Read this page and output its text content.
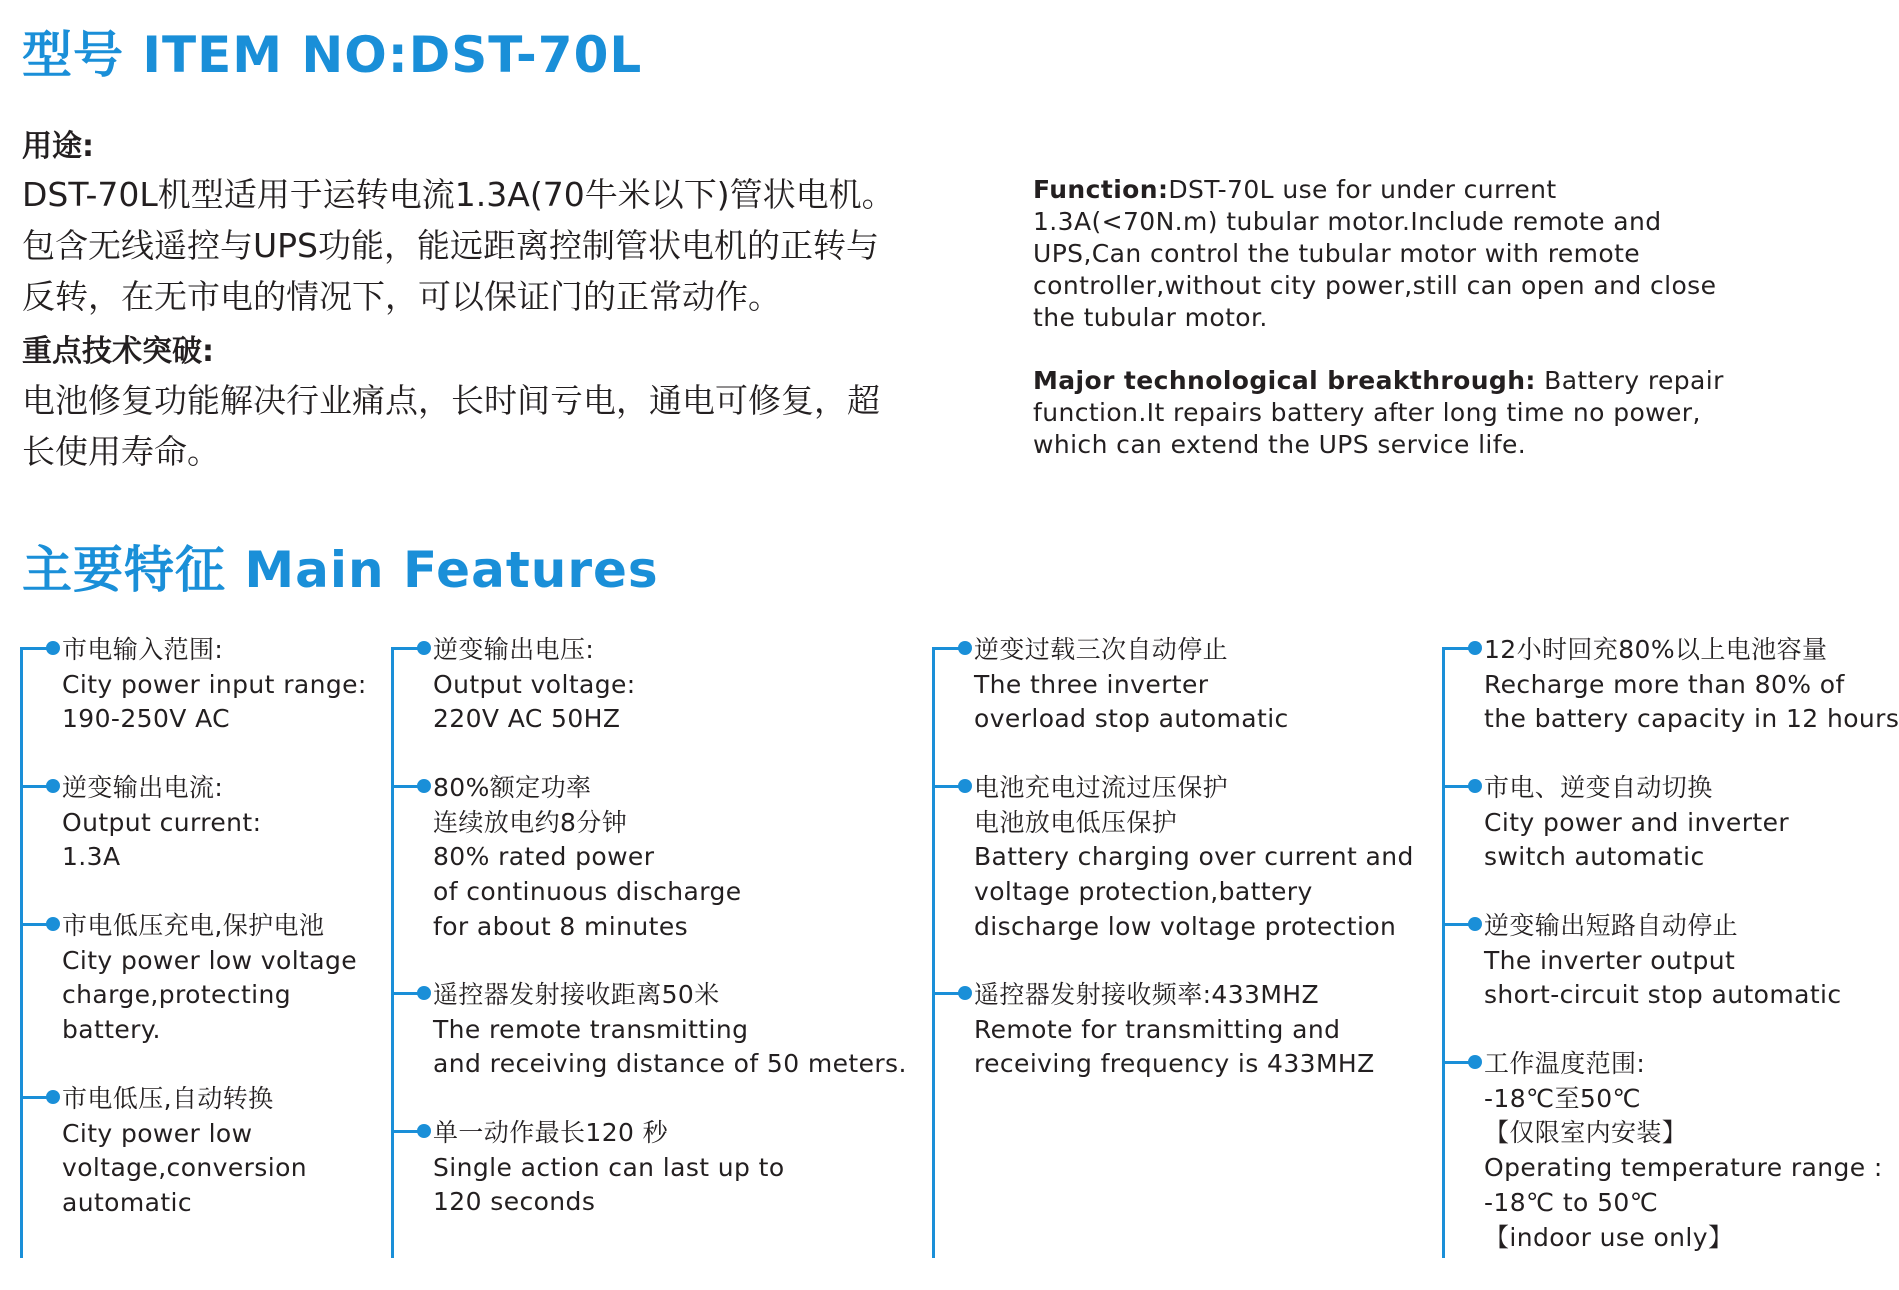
型号 ITEM NO:DST-70L
用途:
DST-70L机型适用于运转电流1.3A(70牛米以下)管状电机。
包含无线遥控与UPS功能，能远距离控制管状电机的正转与
反转，在无市电的情况下，可以保证门的正常动作。
重点技术突破:
电池修复功能解决行业痛点，长时间亏电，通电可修复，超
长使用寿命。
Function:DST-70L use for under current
1.3A(<70N.m) tubular motor.Include remote and
UPS,Can control the tubular motor with remote
controller,without city power,still can open and close
the tubular motor.
Major technological breakthrough: Battery repair
function.It repairs battery after long time no power,
which can extend the UPS service life.
主要特征 Main Features
市电输入范围:
City power input range:
190-250V AC
逆变输出电流:
Output current:
1.3A
市电低压充电,保护电池
City power low voltage
charge,protecting
battery.
市电低压,自动转换
City power low
voltage,conversion
automatic
逆变输出电压:
Output voltage:
220V AC 50HZ
80%额定功率
连续放电约8分钟
80% rated power
of continuous discharge
for about 8 minutes
遥控器发射接收距离50米
The remote transmitting
and receiving distance of 50 meters.
单一动作最长120 秒
Single action can last up to
120 seconds
逆变过载三次自动停止
The three inverter
overload stop automatic
电池充电过流过压保护
电池放电低压保护
Battery charging over current and
voltage protection,battery
discharge low voltage protection
遥控器发射接收频率:433MHZ
Remote for transmitting and
receiving frequency is 433MHZ
12小时回充80%以上电池容量
Recharge more than 80% of
the battery capacity in 12 hours
市电、逆变自动切换
City power and inverter
switch automatic
逆变输出短路自动停止
The inverter output
short-circuit stop automatic
工作温度范围:
-18℃至50℃
【仅限室内安装】
Operating temperature range :
-18℃ to 50℃
【indoor use only】
